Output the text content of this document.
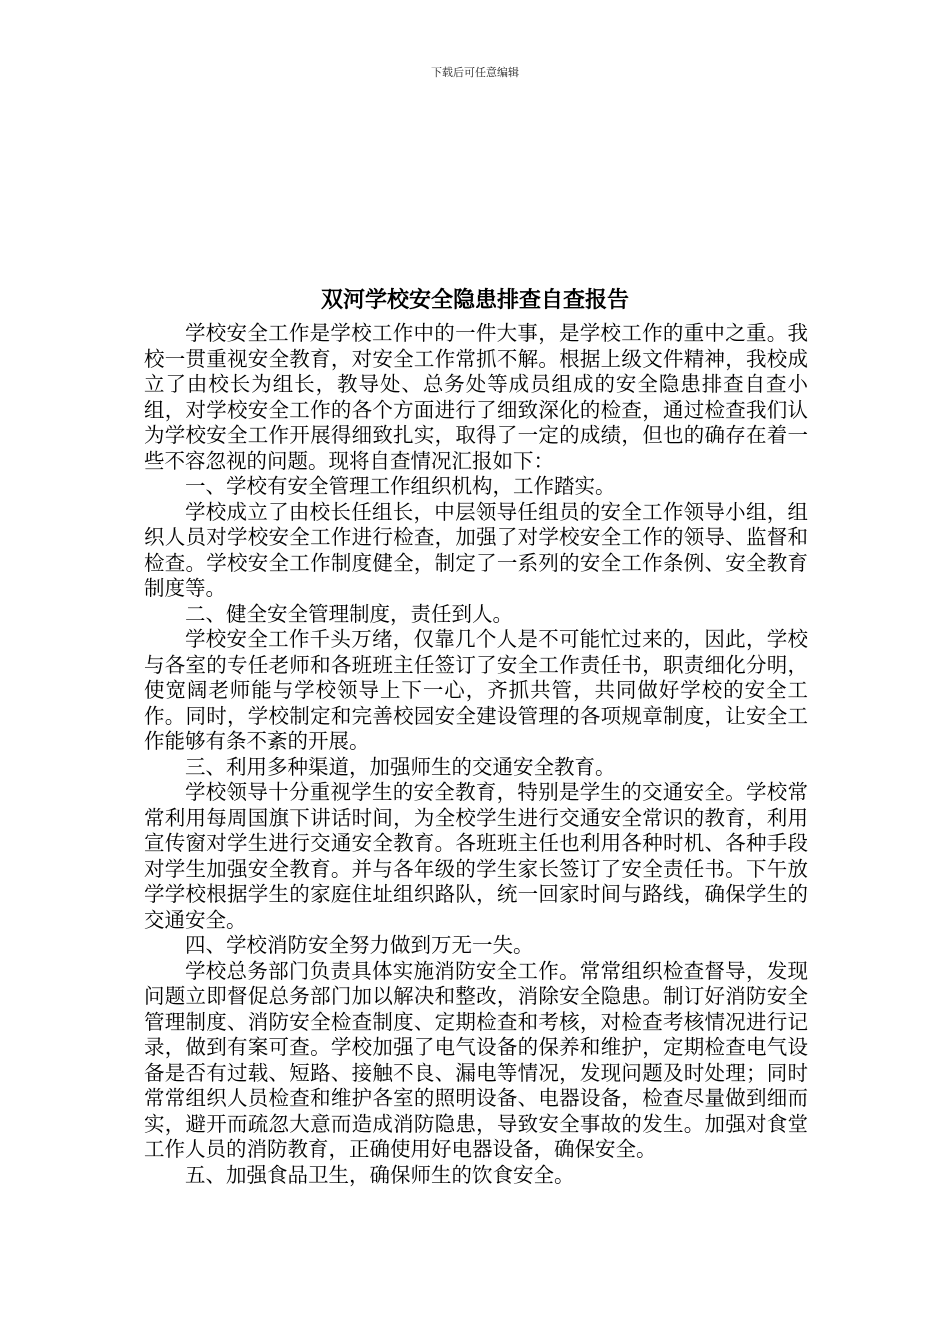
下载后可任意编辑
双河学校安全隐患排查自查报告

学校安全工作是学校工作中的一件大事，是学校工作的重中之重。我校一贯重视安全教育，对安全工作常抓不解。根据上级文件精神，我校成立了由校长为组长，教导处、总务处等成员组成的安全隐患排查自查小组，对学校安全工作的各个方面进行了细致深化的检查，通过检查我们认为学校安全工作开展得细致扎实，取得了一定的成绩，但也的确存在着一些不容忽视的问题。现将自查情况汇报如下：

一、学校有安全管理工作组织机构，工作踏实。

学校成立了由校长任组长，中层领导任组员的安全工作领导小组，组织人员对学校安全工作进行检查，加强了对学校安全工作的领导、监督和检查。学校安全工作制度健全，制定了一系列的安全工作条例、安全教育制度等。

二、健全安全管理制度，责任到人。

学校安全工作千头万绪，仅靠几个人是不可能忙过来的，因此，学校与各室的专任老师和各班班主任签订了安全工作责任书，职责细化分明，使宽阔老师能与学校领导上下一心，齐抓共管，共同做好学校的安全工作。同时，学校制定和完善校园安全建设管理的各项规章制度，让安全工作能够有条不紊的开展。

三、利用多种渠道，加强师生的交通安全教育。

学校领导十分重视学生的安全教育，特别是学生的交通安全。学校常常利用每周国旗下讲话时间，为全校学生进行交通安全常识的教育，利用宣传窗对学生进行交通安全教育。各班班主任也利用各种时机、各种手段对学生加强安全教育。并与各年级的学生家长签订了安全责任书。下午放学学校根据学生的家庭住址组织路队，统一回家时间与路线，确保学生的交通安全。

四、学校消防安全努力做到万无一失。

学校总务部门负责具体实施消防安全工作。常常组织检查督导，发现问题立即督促总务部门加以解决和整改，消除安全隐患。制订好消防安全管理制度、消防安全检查制度、定期检查和考核，对检查考核情况进行记录，做到有案可查。学校加强了电气设备的保养和维护，定期检查电气设备是否有过载、短路、接触不良、漏电等情况，发现问题及时处理；同时常常组织人员检查和维护各室的照明设备、电器设备，检查尽量做到细而实，避开而疏忽大意而造成消防隐患，导致安全事故的发生。加强对食堂工作人员的消防教育，正确使用好电器设备，确保安全。

五、加强食品卫生，确保师生的饮食安全。
